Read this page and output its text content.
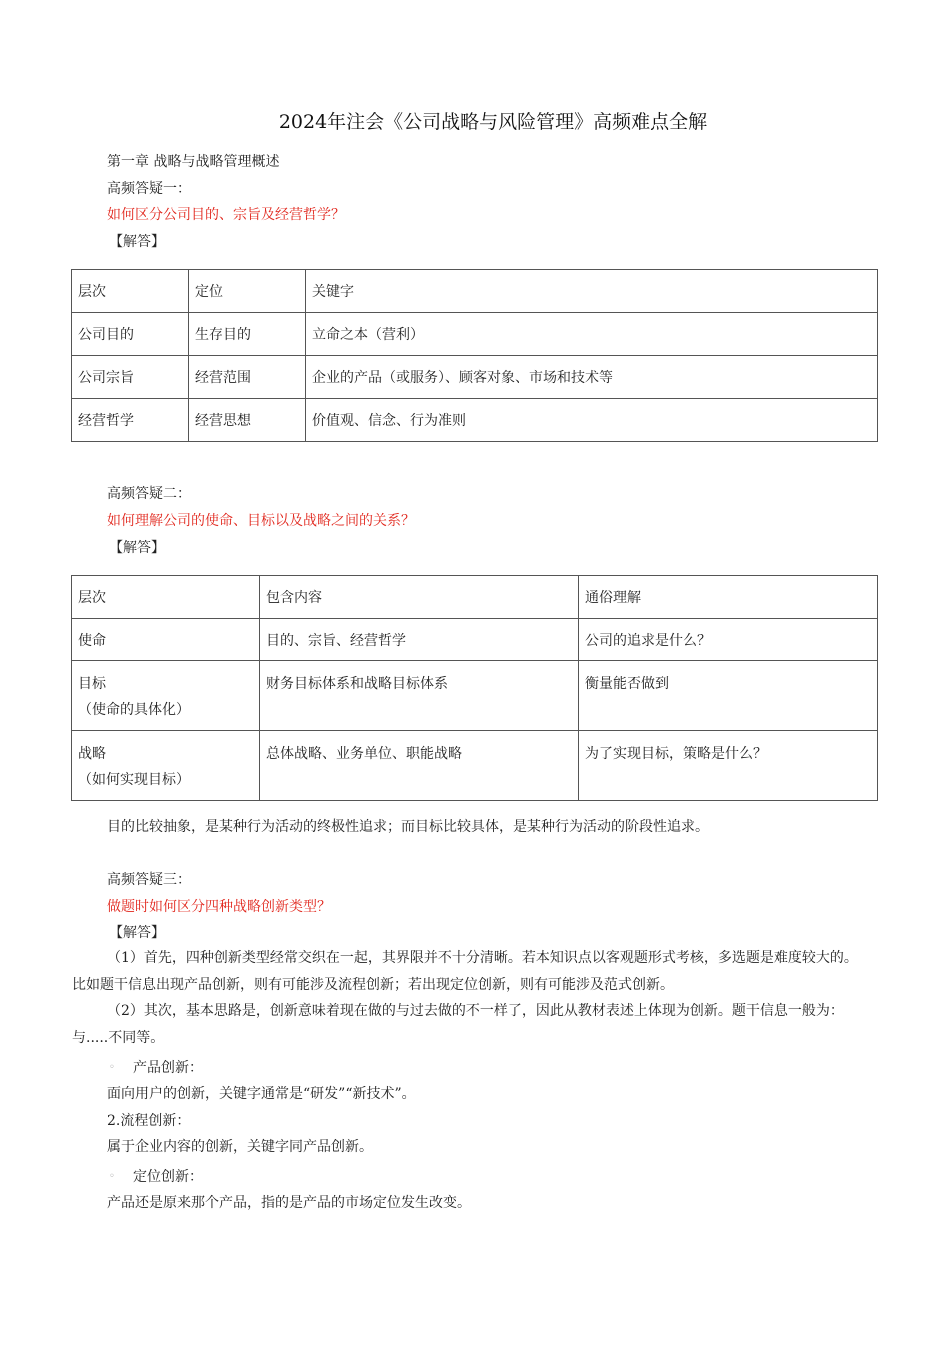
2024年注会《公司战略与风险管理》高频难点全解
第一章 战略与战略管理概述
高频答疑一：
如何区分公司目的、宗旨及经营哲学？
【解答】
层次	定位	关键字
公司目的	生存目的	立命之本（营利）
公司宗旨	经营范围	企业的产品（或服务）、顾客对象、市场和技术等
经营哲学	经营思想	价值观、信念、行为准则
高频答疑二：
如何理解公司的使命、目标以及战略之间的关系？
【解答】
层次	包含内容	通俗理解
使命	目的、宗旨、经营哲学	公司的追求是什么？

目标
（使命的具体化）	财务目标体系和战略目标体系	衡量能否做到

战略
（如何实现目标）	总体战略、业务单位、职能战略	为了实现目标，策略是什么？
目的比较抽象，是某种行为活动的终极性追求；而目标比较具体，是某种行为活动的阶段性追求。
高频答疑三：
做题时如何区分四种战略创新类型？
【解答】
（1）首先，四种创新类型经常交织在一起，其界限并不十分清晰。若本知识点以客观题形式考核，多选题是难度较大的。比如题干信息出现产品创新，则有可能涉及流程创新；若出现定位创新，则有可能涉及范式创新。
（2）其次，基本思路是，创新意味着现在做的与过去做的不一样了，因此从教材表述上体现为创新。题干信息一般为：与.....不同等。
◦ 产品创新：
面向用户的创新，关键字通常是“研发”“新技术”。
2.流程创新：
属于企业内容的创新，关键字同产品创新。
◦ 定位创新：
产品还是原来那个产品，指的是产品的市场定位发生改变。
